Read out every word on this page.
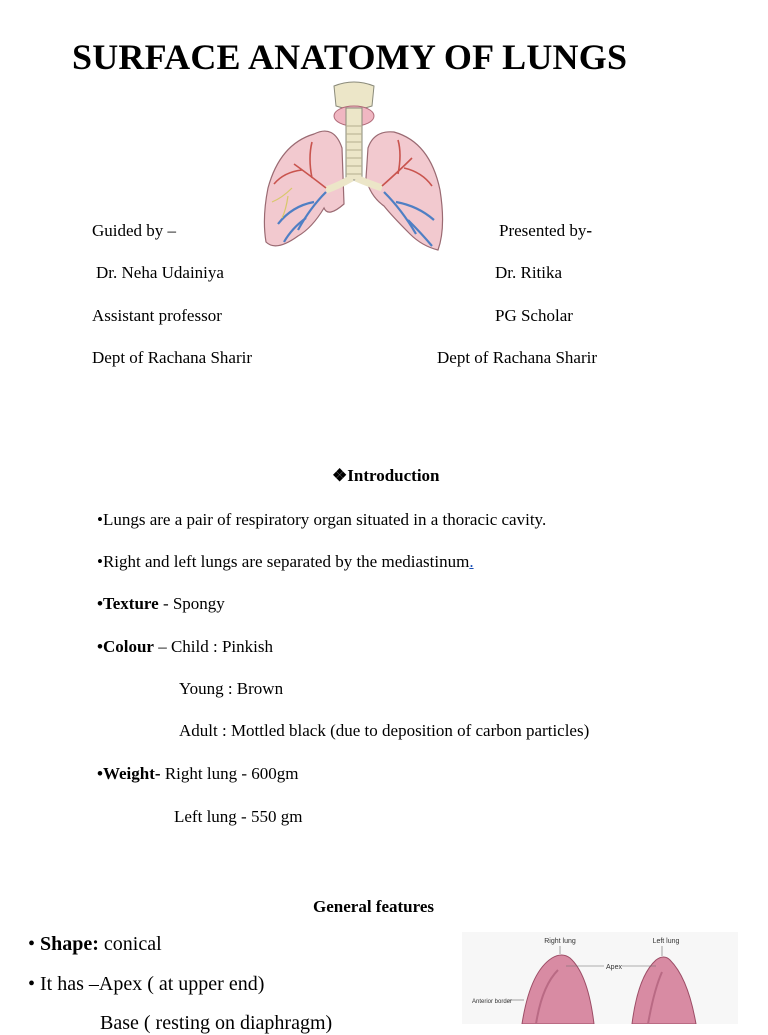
SURFACE ANATOMY OF LUNGS
Guided by –
Dr. Neha Udainiya
Assistant professor
Dept of Rachana Sharir
Presented by-
Dr. Ritika
PG Scholar
Dept of Rachana Sharir
❖Introduction
•Lungs are a pair of respiratory organ situated in a thoracic cavity.
•Right and left lungs are separated by the mediastinum.
•Texture - Spongy
•Colour – Child : Pinkish
Young : Brown
Adult : Mottled black (due to deposition of carbon particles)
•Weight- Right lung - 600gm
Left lung - 550 gm
General features
• Shape: conical
• It has –Apex ( at upper end)
Base ( resting on diaphragm)
Right lung	Left lung
Apex
Anterior border
